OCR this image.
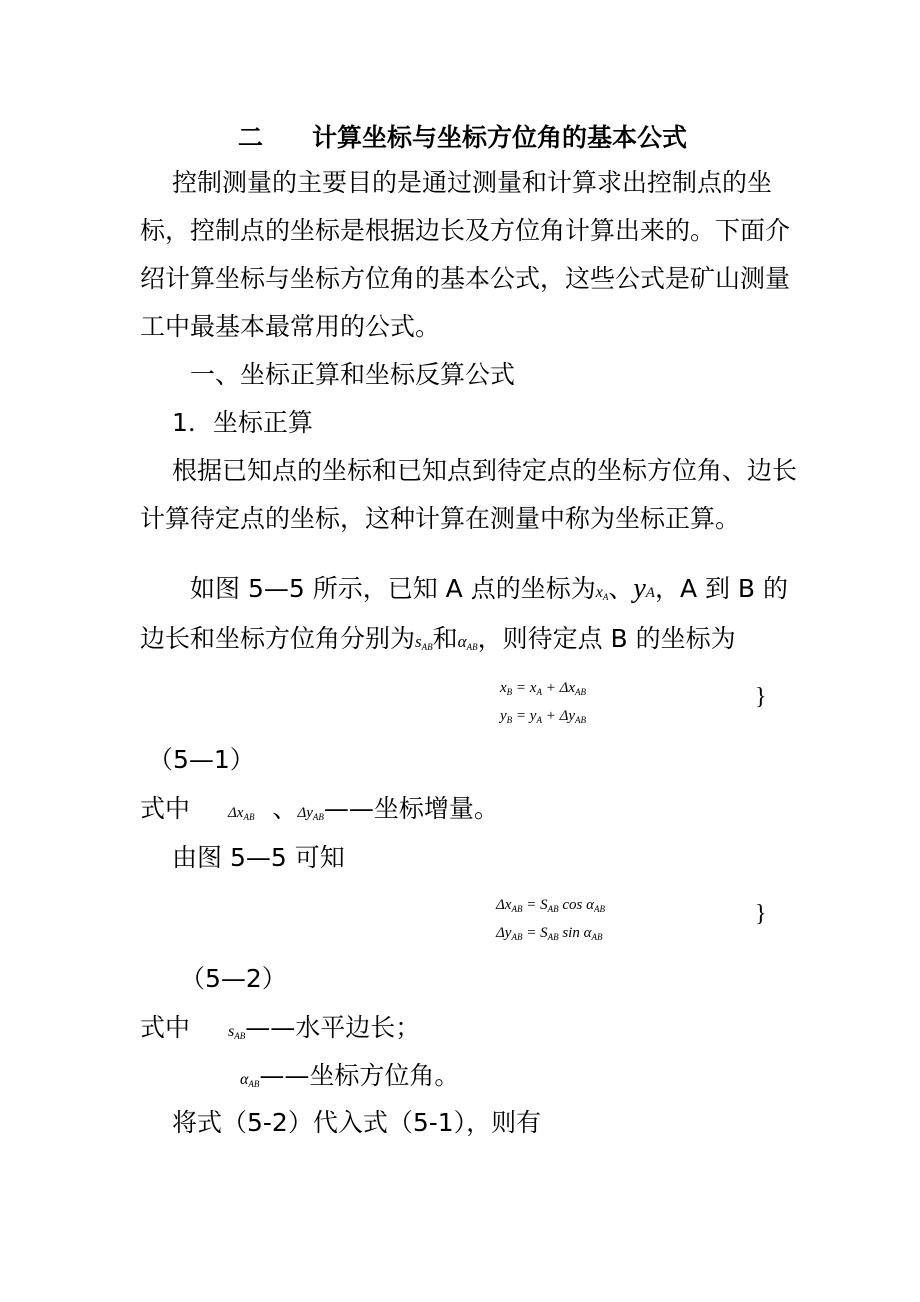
二 计算坐标与坐标方位角的基本公式
控制测量的主要目的是通过测量和计算求出控制点的坐
标，控制点的坐标是根据边长及方位角计算出来的。下面介
绍计算坐标与坐标方位角的基本公式，这些公式是矿山测量
工中最基本最常用的公式。
一、坐标正算和坐标反算公式
1．坐标正算
根据已知点的坐标和已知点到待定点的坐标方位角、边长
计算待定点的坐标，这种计算在测量中称为坐标正算。
如图 5—5 所示，已知 A 点的坐标为$x_A$、yA，A 到 B 的
边长和坐标方位角分别为$s_{AB}$和$\alpha_{AB}$，则待定点 B 的坐标为
$x_B = x_A + \Delta x_{AB}$
$y_B = y_A + \Delta y_{AB}$
}
（5—1）
式中	$\Delta x_{AB}$ 、$\Delta y_{AB}——$坐标增量。
由图 5—5 可知
$\Delta x_{AB} = S_{AB}$ $\cos \alpha_{AB}$
$\Delta y_{AB} = S_{AB}$ $\sin \alpha_{AB}$
}
（5—2）
式中 $s_{AB}——$水平边长；
$\alpha_{AB}——$坐标方位角。
将式（5-2）代入式（5-1），则有
